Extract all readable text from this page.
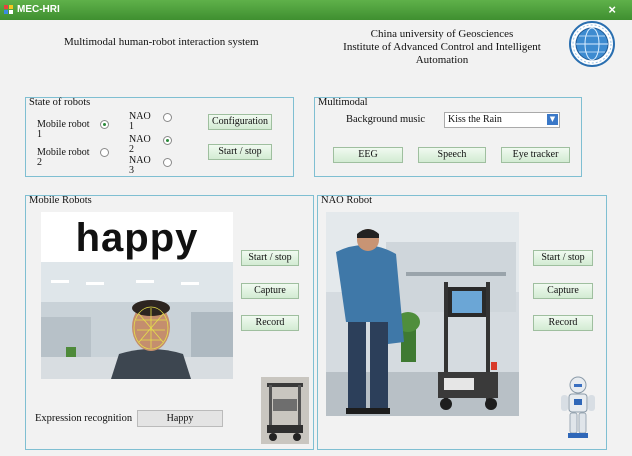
MEC-HRI	×
Multimodal human-robot interaction system
China university of Geosciences
Institute of Advanced Control and Intelligent Automation
State of robots
Mobile robot
1
Mobile robot
2
NAO
1
NAO
2
NAO
3
Configuration
Start / stop
Multimodal
Background music	Kiss the Rain	▼
EEG	Speech	Eye tracker
Mobile Robots
happy	Start / stop
Capture
Record
Expression recognition	Happy
NAO Robot
Start / stop
Capture
Record
